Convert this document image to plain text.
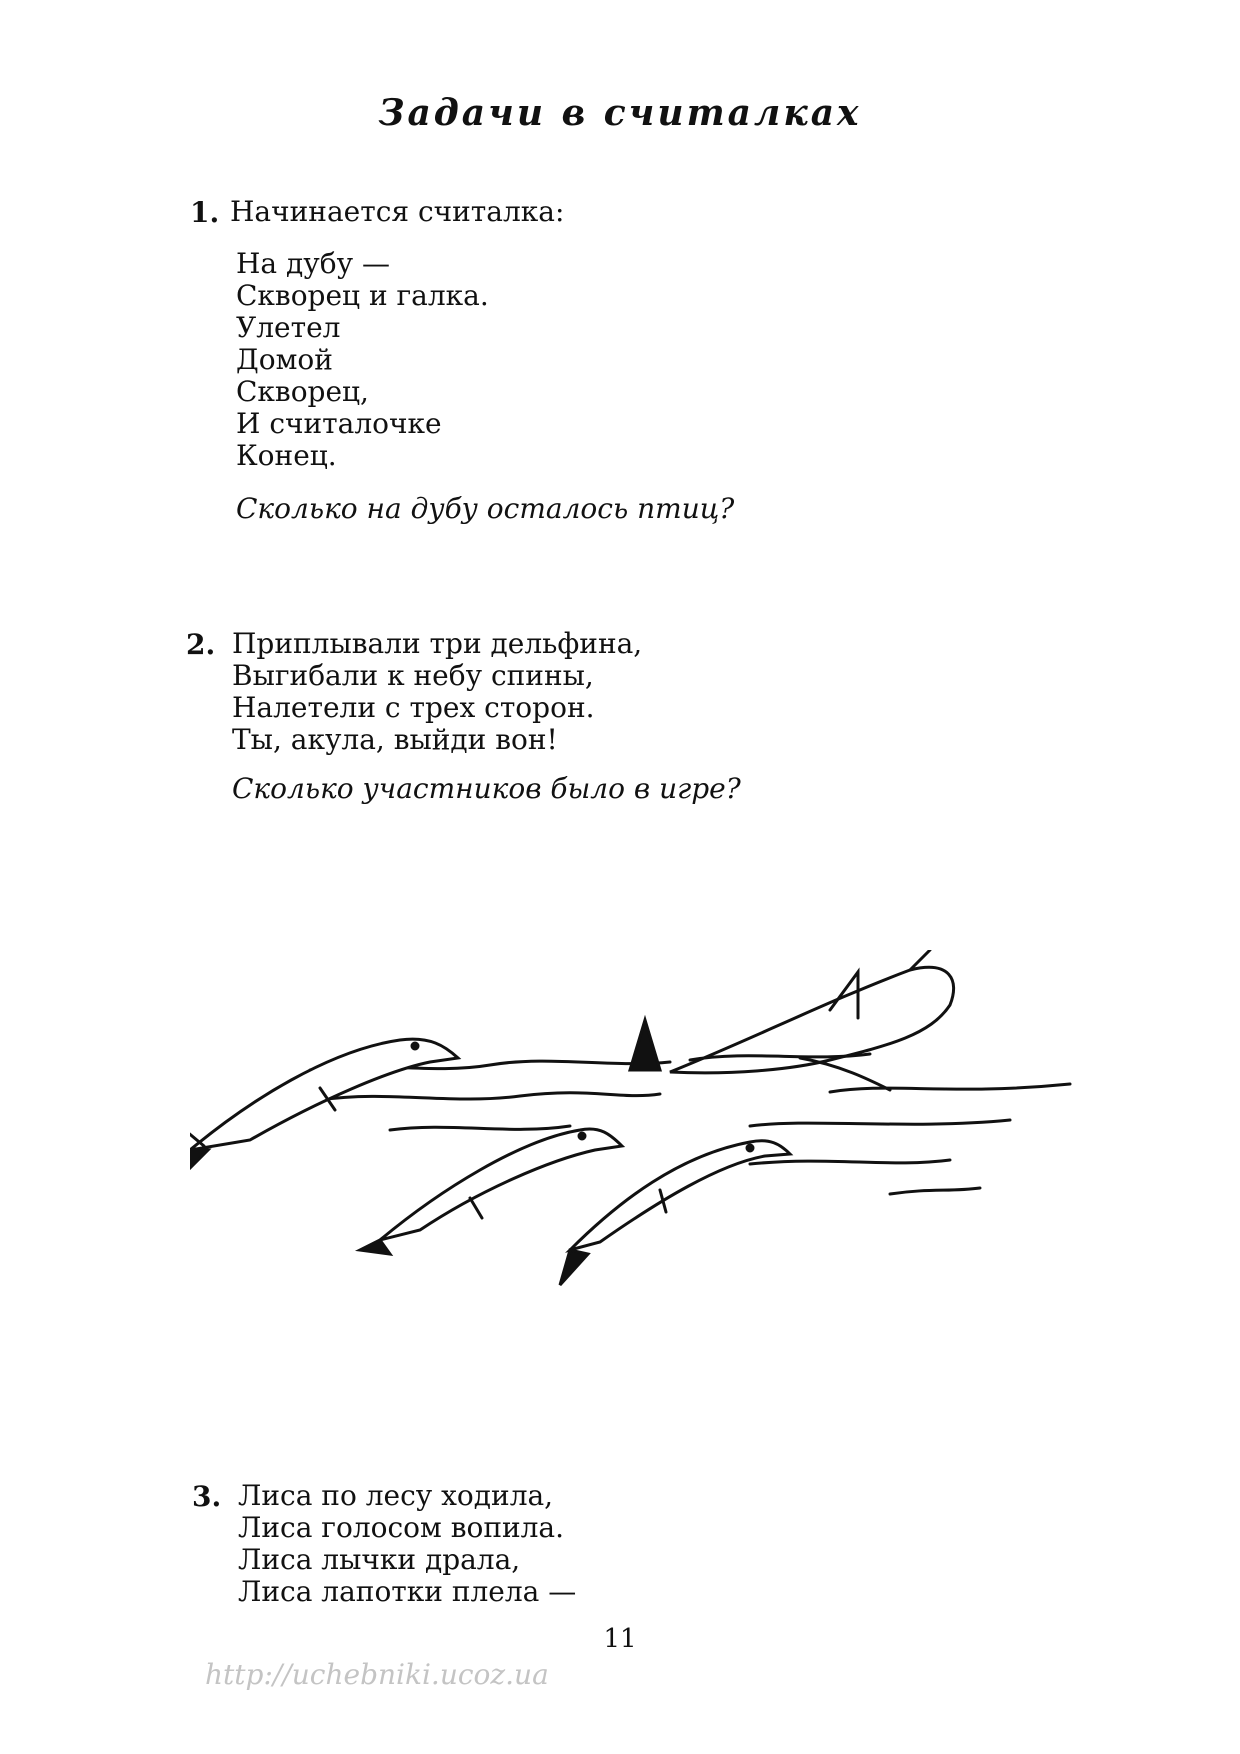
Задачи в считалках
1. Начинается считалка:
На дубу —
Скворец и галка.
Улетел
Домой
Скворец,
И считалочке
Конец.
Сколько на дубу осталось птиц?
2. Приплывали три дельфина,
Выгибали к небу спины,
Налетели с трех сторон.
Ты, акула, выйди вон!
Сколько участников было в игре?
3. Лиса по лесу ходила,
Лиса голосом вопила.
Лиса лычки драла,
Лиса лапотки плела —
11
http://uchebniki.ucoz.ua
